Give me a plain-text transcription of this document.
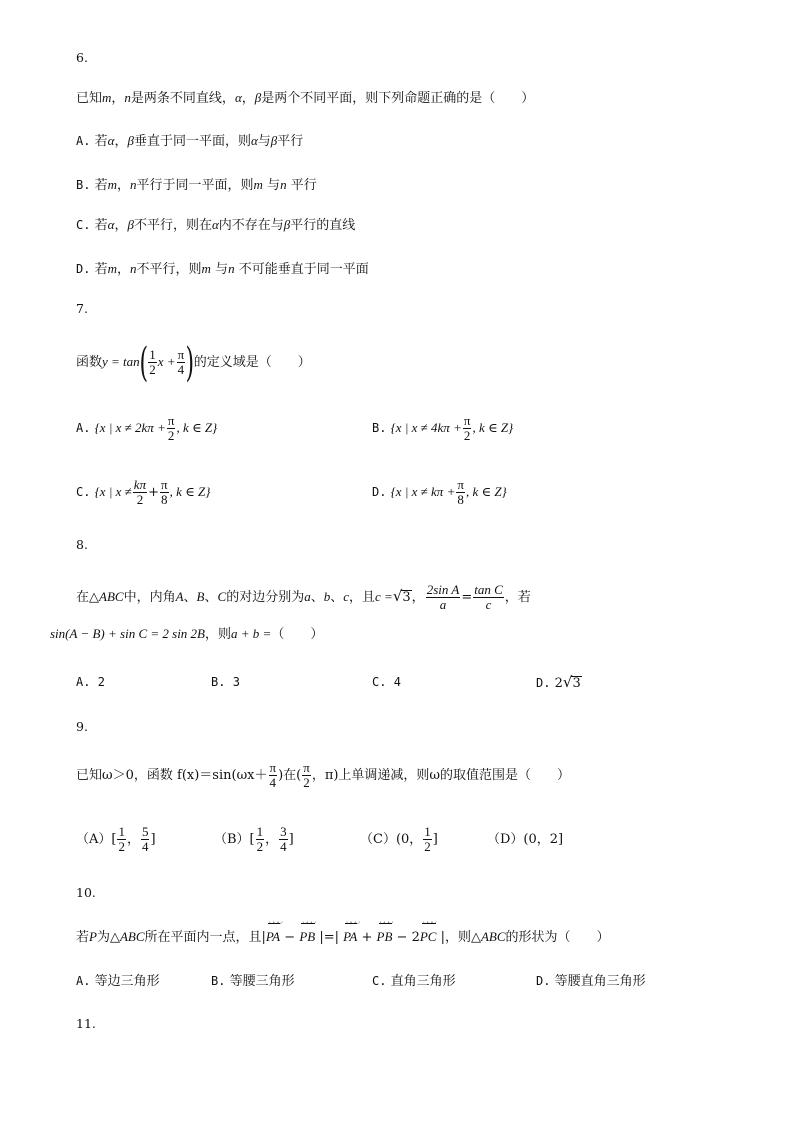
6.
已知m，n是两条不同直线，α，β是两个不同平面，则下列命题正确的是（　　）
A. 若α，β垂直于同一平面，则α与β平行
B. 若m，n平行于同一平面，则m 与n 平行
C. 若α，β不平行，则在α内不存在与β平行的直线
D. 若m，n不平行，则m 与n 不可能垂直于同一平面
7.
函数$y = \tan( \frac{1}{2}$ $x + \frac{\pi}{4}$ )的定义域是（　　）
A. {x | $x \ne 2k\pi + \frac{\pi}{2}$ , k ∈ Z}	B. {x | $x \ne 4k\pi + \frac{\pi}{2}$ , k ∈ Z}
C. {x | $x \ne \frac{k\pi}{2} + \frac{\pi}{8}$ , k ∈ Z}	D. {x | $x \ne k\pi + \frac{\pi}{8}$ , k ∈ Z}
8.
在△ABC中，内角A、B、C的对边分别为a、b、c，且c =√3， $\frac{\text{2sin A}}{a} = \frac{\text{tan C}}{c}$ ，若
sin(A − B) + sin C = 2 sin 2B，则a + b =（　　）
A. 2	B. 3	C. 4	D. 2√3
9.
已知ω＞0，函数 $f(x)=\sin(\omega x+ \frac{\pi}{4}$ )在( $\frac{\pi}{2}$ ，π)上单调递减，则ω的取值范围是（　　）
$(A)[ \frac{1}{2}$ ， $\frac{5}{4}$ ]	$(B)[ \frac{1}{2}$ ， $\frac{3}{4}$ ]	（C）(0， $\frac{1}{2}$ ]	（D）(0，2]
10.
若P为△ABC所在平面内一点，且|PA ◡◡◡ − PB ◡◡◡ |=| PA ◡◡◡ + PB ◡◡◡ − 2PC ◡◡◡ |，则△ABC的形状为（　　）
A. 等边三角形	B. 等腰三角形	C. 直角三角形	D. 等腰直角三角形
11.
